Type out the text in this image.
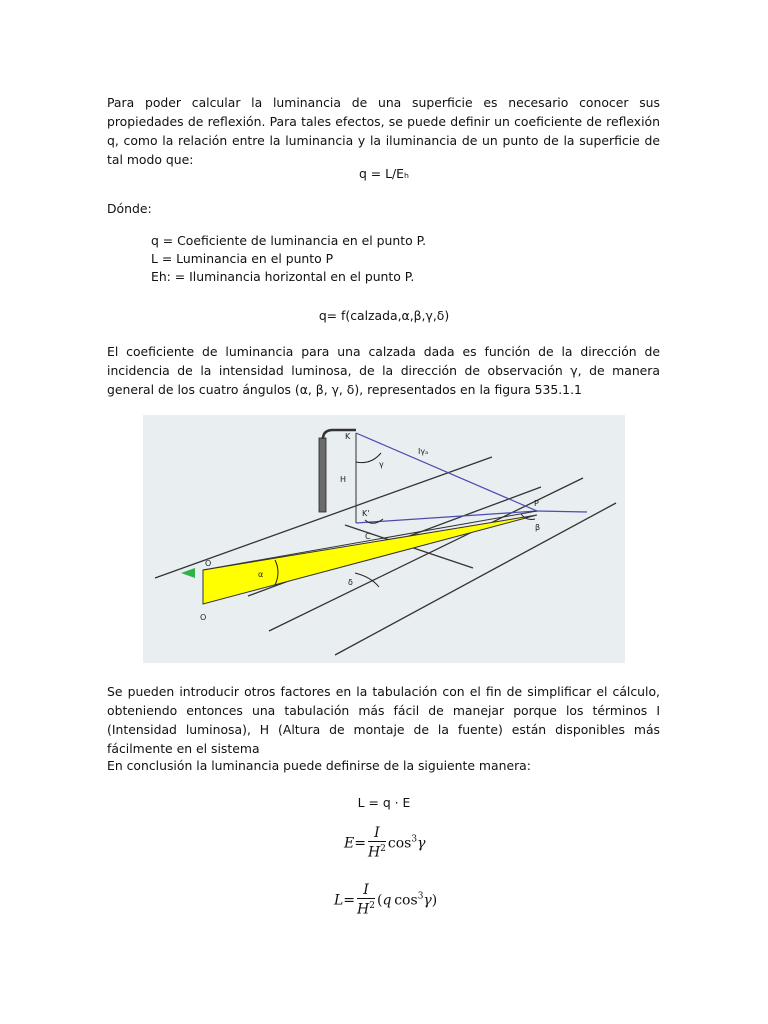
Para poder calcular la luminancia de una superficie es necesario conocer sus propiedades de reflexión. Para tales efectos, se puede definir un coeficiente de reflexión q, como la relación entre la luminancia y la iluminancia de un punto de la superficie de tal modo que:

q = L/Eₕ
Dónde:
q = Coeficiente de luminancia en el punto P.
L = Luminancia en el punto P
Eh: = Iluminancia horizontal en el punto P.
q= f(calzada,α,β,γ,δ)

El coeficiente de luminancia para una calzada dada es función de la dirección de incidencia de la intensidad luminosa, de la dirección de observación γ, de manera general de los cuatro ángulos (α, β, γ, δ), representados en la figura 535.1.1

K
K'
H
γ
Iγₐ
P
β
C
α
δ
O
O

Se pueden introducir otros factores en la tabulación con el fin de simplificar el cálculo, obteniendo entonces una tabulación más fácil de manejar porque los términos I (Intensidad luminosa), H (Altura de montaje de la fuente) están disponibles más fácilmente en el sistema

En conclusión la luminancia puede definirse de la siguiente manera:
L = q · E
$E= \frac{I}{H^2} \cos^3\gamma$
$L= \frac{I}{H^2} (q$  $\cos^3\gamma$)
